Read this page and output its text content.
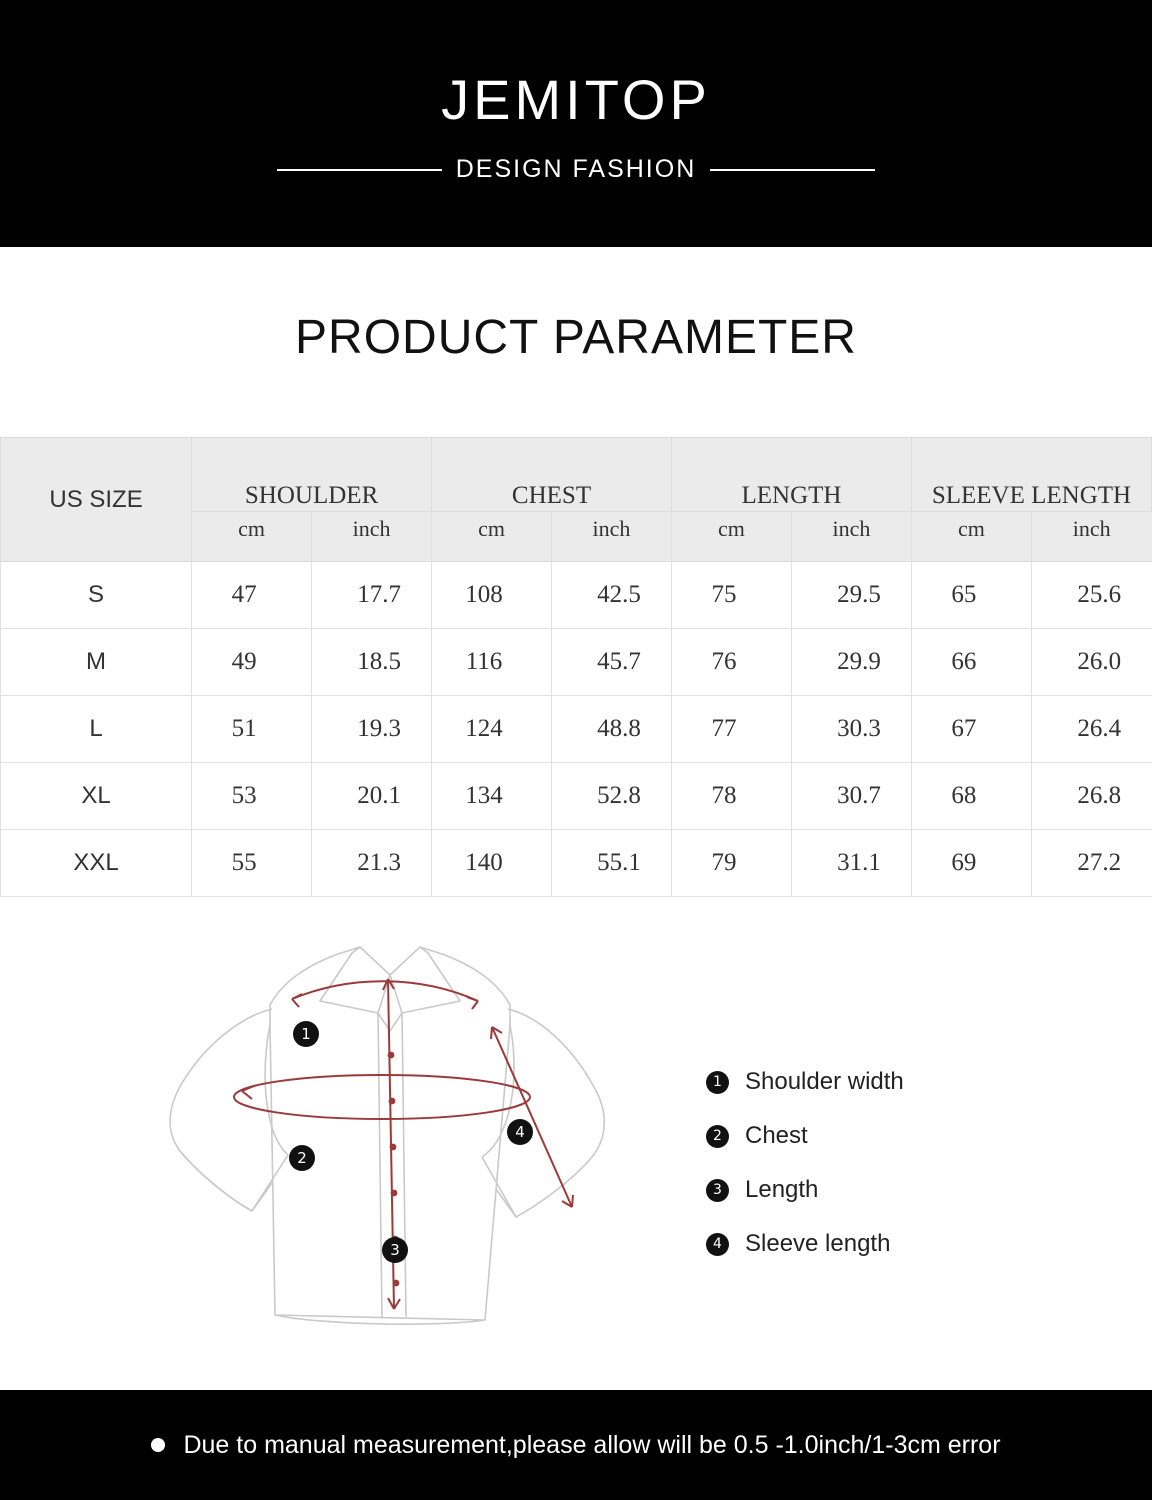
JEMITOP
DESIGN FASHION
PRODUCT PARAMETER
US SIZE	SHOULDER		CHEST		LENGTH		SLEEVE LENGTH	
	cm	inch	cm	inch	cm	inch	cm	inch
S	47	17.7	108	42.5	75	29.5	65	25.6
M	49	18.5	116	45.7	76	29.9	66	26.0
L	51	19.3	124	48.8	77	30.3	67	26.4
XL	53	20.1	134	52.8	78	30.7	68	26.8
XXL	55	21.3	140	55.1	79	31.1	69	27.2
1
2
3
4
1 Shoulder width
2 Chest
3 Length
4 Sleeve length
Due to manual measurement,please allow will be 0.5 -1.0inch/1-3cm error
